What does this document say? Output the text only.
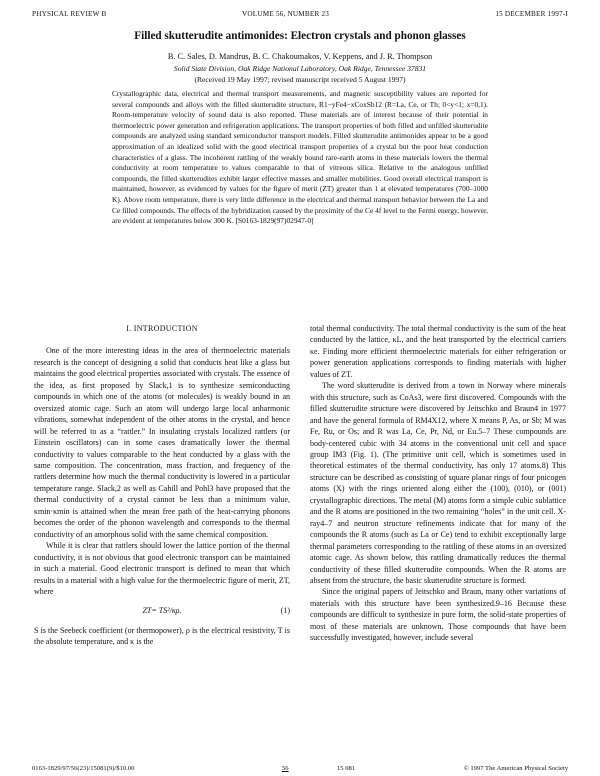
PHYSICAL REVIEW B	VOLUME 56, NUMBER 23	15 DECEMBER 1997-I
Filled skutterudite antimonides: Electron crystals and phonon glasses
B. C. Sales, D. Mandrus, B. C. Chakoumakos, V. Keppens, and J. R. Thompson
Solid State Division, Oak Ridge National Laboratory, Oak Ridge, Tennessee 37831
(Received 19 May 1997; revised manuscript received 5 August 1997)
Crystallographic data, electrical and thermal transport measurements, and magnetic susceptibility values are reported for several compounds and alloys with the filled skutterudite structure, R1−yFe4−xCoxSb12 (R=La, Ce, or Th; 0<y<1; x=0,1). Room-temperature velocity of sound data is also reported. These materials are of interest because of their potential in thermoelectric power generation and refrigeration applications. The transport properties of both filled and unfilled skutterudite compounds are analyzed using standard semiconductor transport models. Filled skutterudite antimonides appear to be a good approximation of an idealized solid with the good electrical transport properties of a crystal but the poor heat conduction characteristics of a glass. The incoherent rattling of the weakly bound rare-earth atoms in these materials lowers the thermal conductivity at room temperature to values comparable to that of vitreous silica. Relative to the analogous unfilled compounds, the filled skutterudites exhibit larger effective masses and smaller mobilities. Good overall electrical transport is maintained, however, as evidenced by values for the figure of merit (ZT) greater than 1 at elevated temperatures (700–1000 K). Above room temperature, there is very little difference in the electrical and thermal transport behavior between the La and Ce filled compounds. The effects of the hybridization caused by the proximity of the Ce 4f level to the Fermi energy, however, are evident at temperatures below 300 K. [S0163-1829(97)02947-0]
I. INTRODUCTION

One of the more interesting ideas in the area of thermoelectric materials research is the concept of designing a solid that conducts heat like a glass but maintains the good electrical properties associated with crystals. The essence of the idea, as first proposed by Slack,1 is to synthesize semiconducting compounds in which one of the atoms (or molecules) is weakly bound in an oversized atomic cage. Such an atom will undergo large local anharmonic vibrations, somewhat independent of the other atoms in the crystal, and hence will be referred to as a “rattler.” In insulating crystals localized rattlers (or Einstein oscillators) can in some cases dramatically lower the thermal conductivity to values comparable to the heat conducted by a glass with the same composition. The concentration, mass fraction, and frequency of the rattlers determine how much the thermal conductivity is lowered in a particular temperature range. Slack,2 as well as Cahill and Pohl3 have proposed that the thermal conductivity of a crystal cannot be less than a minimum value, κmin·κmin is attained when the mean free path of the heat-carrying phonons becomes the order of the phonon wavelength and corresponds to the thermal conductivity of an amorphous solid with the same chemical composition.

While it is clear that rattlers should lower the lattice portion of the thermal conductivity, it is not obvious that good electronic transport can be maintained in such a material. Good electronic transport is defined to mean that which results in a material with a high value for the thermoelectric figure of merit, ZT, where

ZT= TS²/κρ.	(1)

S is the Seebeck coefficient (or thermopower), ρ is the electrical resistivity, T is the absolute temperature, and κ is the

total thermal conductivity. The total thermal conductivity is the sum of the heat conducted by the lattice, κL, and the heat transported by the electrical carriers κe. Finding more efficient thermoelectric materials for either refrigeration or power generation applications corresponds to finding materials with higher values of ZT.

The word skutterudite is derived from a town in Norway where minerals with this structure, such as CoAs3, were first discovered. Compounds with the filled skutterudite structure were discovered by Jeitschko and Braun4 in 1977 and have the general formula of RM4X12, where X means P, As, or Sb; M was Fe, Ru, or Os; and R was La, Ce, Pr, Nd, or Eu.5–7 These compounds are body-centered cubic with 34 atoms in the conventional unit cell and space group IM3 (Fig. 1). (The primitive unit cell, which is sometimes used in theoretical estimates of the thermal conductivity, has only 17 atoms.8) This structure can be described as consisting of square planar rings of four pnicogen atoms (X) with the rings oriented along either the (100), (010), or (001) crystallographic directions. The metal (M) atoms form a simple cubic sublattice and the R atoms are positioned in the two remaining “holes” in the unit cell. X-ray4–7 and neutron structure refinements indicate that for many of the compounds the R atoms (such as La or Ce) tend to exhibit exceptionally large thermal parameters corresponding to the rattling of these atoms in an oversized atomic cage. As shown below, this rattling dramatically reduces the thermal conductivity of these filled skutterudite compounds. When the R atoms are absent from the structure, the basic skutterudite structure is formed.

Since the original papers of Jeitschko and Braun, many other variations of materials with this structure have been synthesized.9–16 Because these compounds are difficult to synthesize in pure form, the solid-state properties of most of these materials are unknown. Those compounds that have been successfully investigated, however, include several

0163-1829/97/56(23)/15081(9)/$10.00	56	15 081	© 1997 The American Physical Society
